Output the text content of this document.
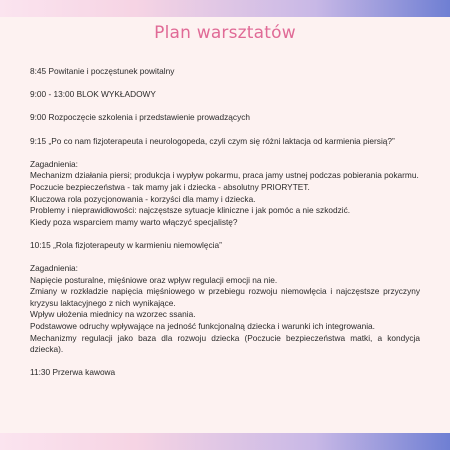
Plan warsztatów

8:45 Powitanie i poczęstunek powitalny

9:00 - 13:00 BLOK WYKŁADOWY

9:00 Rozpoczęcie szkolenia i przedstawienie prowadzących

9:15 „Po co nam fizjoterapeuta i neurologopeda, czyli czym się różni laktacja od karmienia piersią?”

Zagadnienia:

Mechanizm działania piersi; produkcja i wypływ pokarmu, praca jamy ustnej podczas pobierania pokarmu.

Poczucie bezpieczeństwa - tak mamy jak i dziecka - absolutny PRIORYTET.

Kluczowa rola pozycjonowania - korzyści dla mamy i dziecka.

Problemy i nieprawidłowości: najczęstsze sytuacje kliniczne i jak pomóc a nie szkodzić.

Kiedy poza wsparciem mamy warto włączyć specjalistę?

10:15 „Rola fizjoterapeuty w karmieniu niemowlęcia”

Zagadnienia:

Napięcie posturalne, mięśniowe oraz wpływ regulacji emocji na nie.

Zmiany w rozkładzie napięcia mięśniowego w przebiegu rozwoju niemowlęcia i najczęstsze przyczyny kryzysu laktacyjnego z nich wynikające.

Wpływ ułożenia miednicy na wzorzec ssania.

Podstawowe odruchy wpływające na jedność funkcjonalną dziecka i warunki ich integrowania.

Mechanizmy regulacji jako baza dla rozwoju dziecka (Poczucie bezpieczeństwa matki, a kondycja dziecka).

11:30 Przerwa kawowa
